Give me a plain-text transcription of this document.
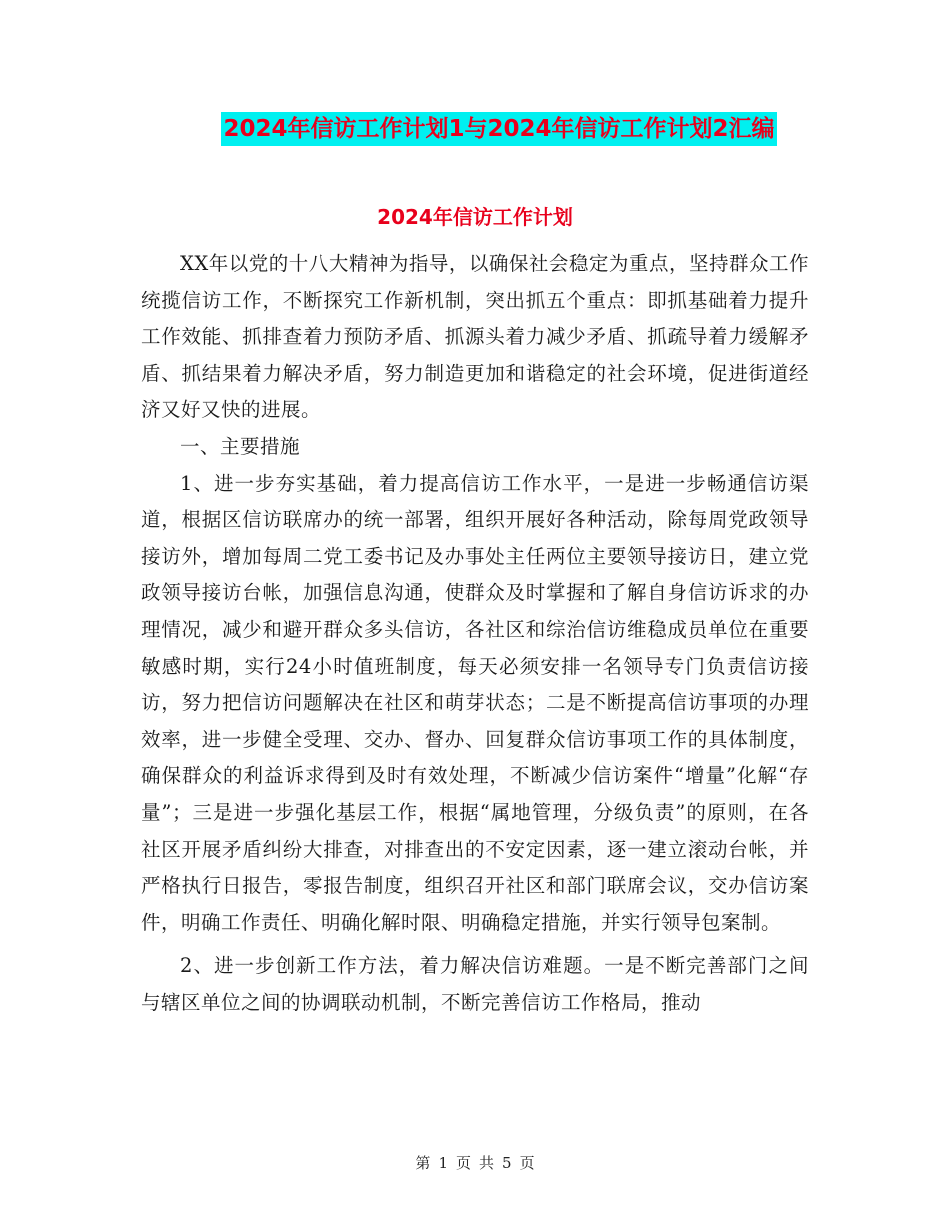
2024年信访工作计划1与2024年信访工作计划2汇编
2024年信访工作计划

XX年以党的十八大精神为指导，以确保社会稳定为重点，坚持群众工作统揽信访工作，不断探究工作新机制，突出抓五个重点：即抓基础着力提升工作效能、抓排查着力预防矛盾、抓源头着力减少矛盾、抓疏导着力缓解矛盾、抓结果着力解决矛盾，努力制造更加和谐稳定的社会环境，促进街道经济又好又快的进展。

一、主要措施

1、进一步夯实基础，着力提高信访工作水平，一是进一步畅通信访渠道，根据区信访联席办的统一部署，组织开展好各种活动，除每周党政领导接访外，增加每周二党工委书记及办事处主任两位主要领导接访日，建立党政领导接访台帐，加强信息沟通，使群众及时掌握和了解自身信访诉求的办理情况，减少和避开群众多头信访，各社区和综治信访维稳成员单位在重要敏感时期，实行24小时值班制度，每天必须安排一名领导专门负责信访接访，努力把信访问题解决在社区和萌芽状态；二是不断提高信访事项的办理效率，进一步健全受理、交办、督办、回复群众信访事项工作的具体制度，确保群众的利益诉求得到及时有效处理，不断减少信访案件“增量”化解“存量”；三是进一步强化基层工作，根据“属地管理，分级负责”的原则，在各社区开展矛盾纠纷大排查，对排查出的不安定因素，逐一建立滚动台帐，并严格执行日报告，零报告制度，组织召开社区和部门联席会议，交办信访案件，明确工作责任、明确化解时限、明确稳定措施，并实行领导包案制。

2、进一步创新工作方法，着力解决信访难题。一是不断完善部门之间与辖区单位之间的协调联动机制，不断完善信访工作格局，推动

第 1 页 共 5 页
